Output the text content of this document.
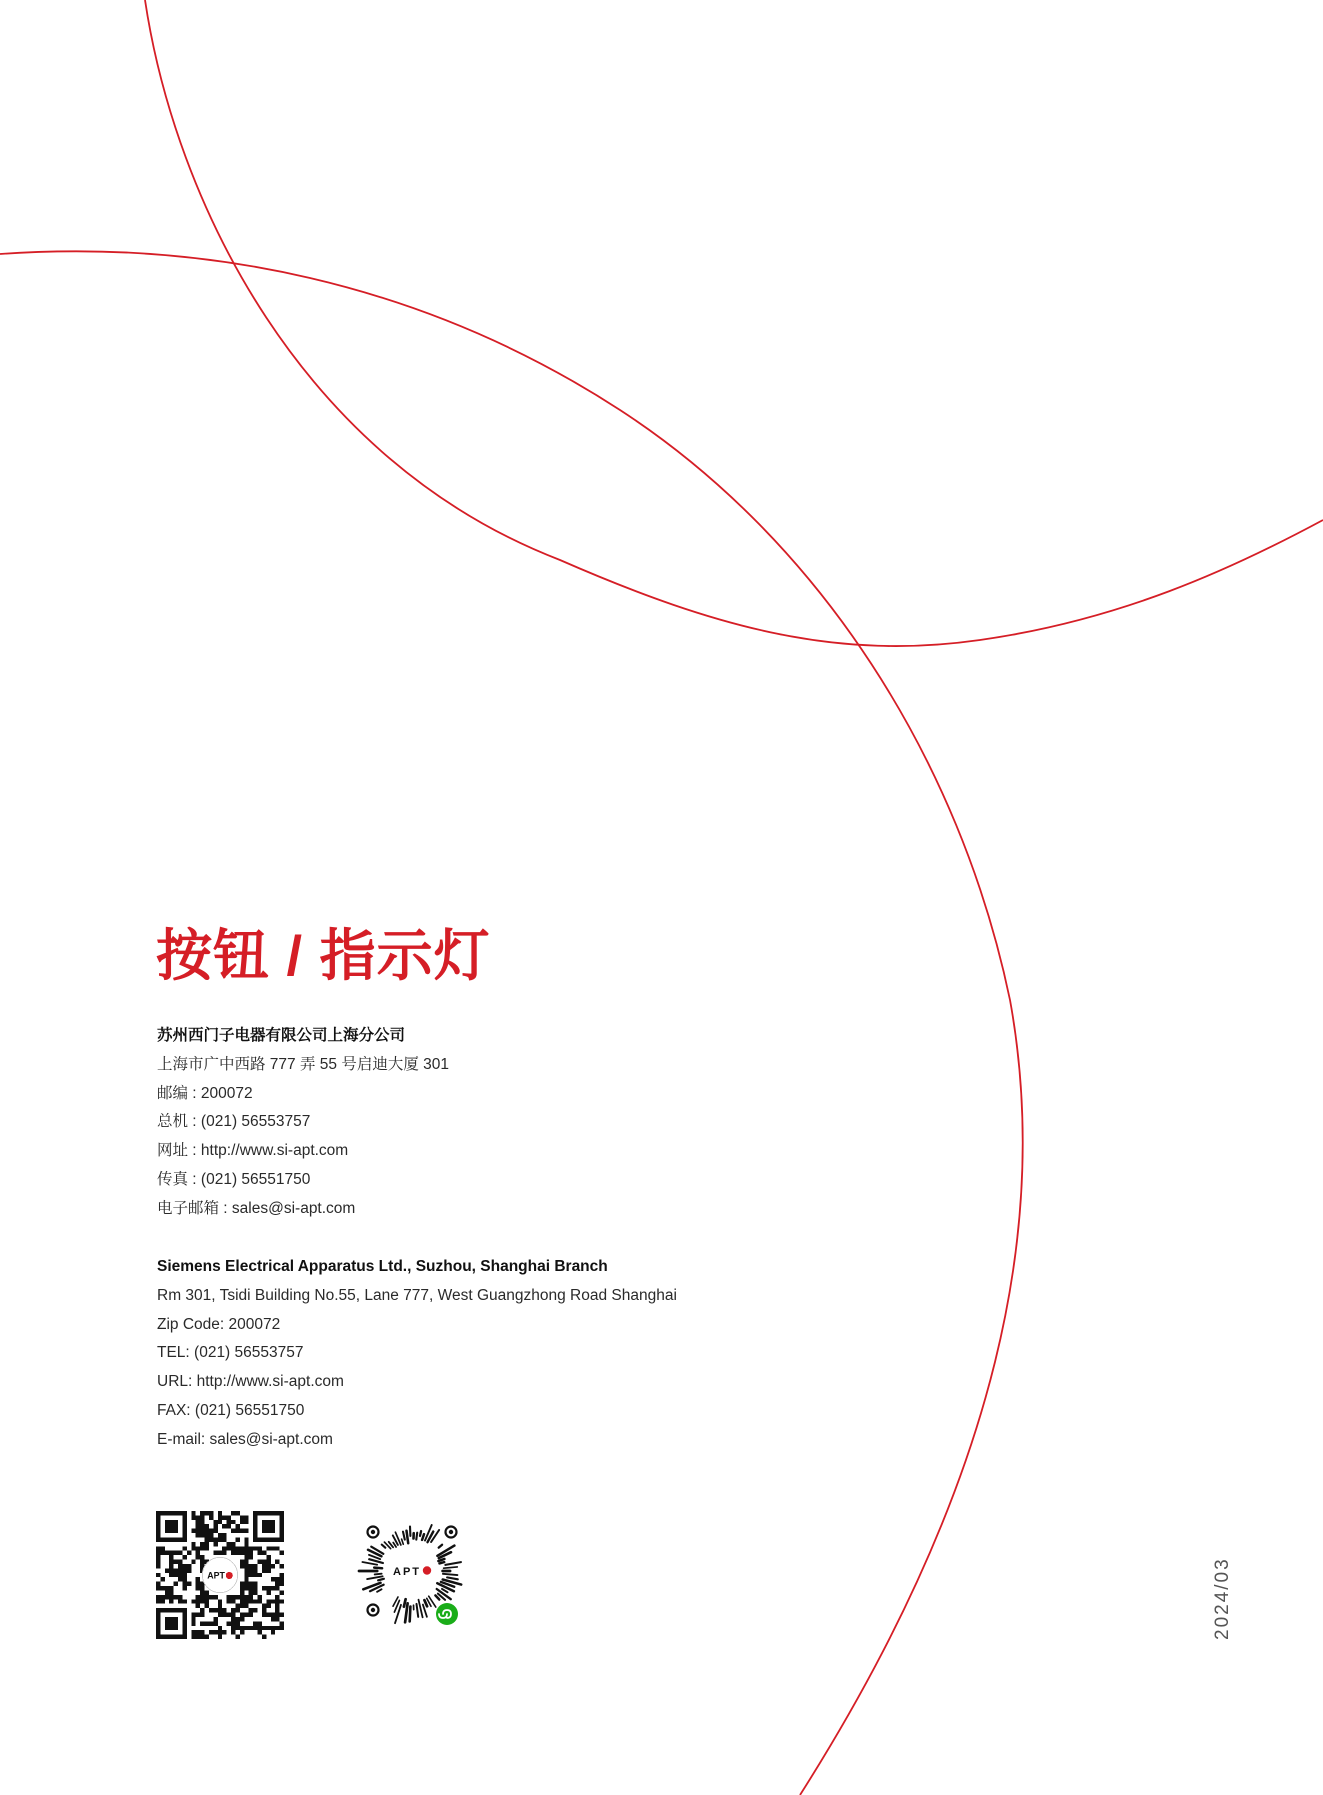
按钮 / 指示灯
苏州西门子电器有限公司上海分公司
上海市广中西路 777 弄 55 号启迪大厦 301
邮编 : 200072
总机 : (021) 56553757
网址 : http://www.si-apt.com
传真 : (021) 56551750
电子邮箱 : sales@si-apt.com
Siemens Electrical Apparatus Ltd., Suzhou, Shanghai Branch
Rm 301, Tsidi Building No.55, Lane 777, West Guangzhong Road Shanghai
Zip Code: 200072
TEL: (021) 56553757
URL: http://www.si-apt.com
FAX: (021) 56551750
E-mail: sales@si-apt.com
APT	APT	2024/03
